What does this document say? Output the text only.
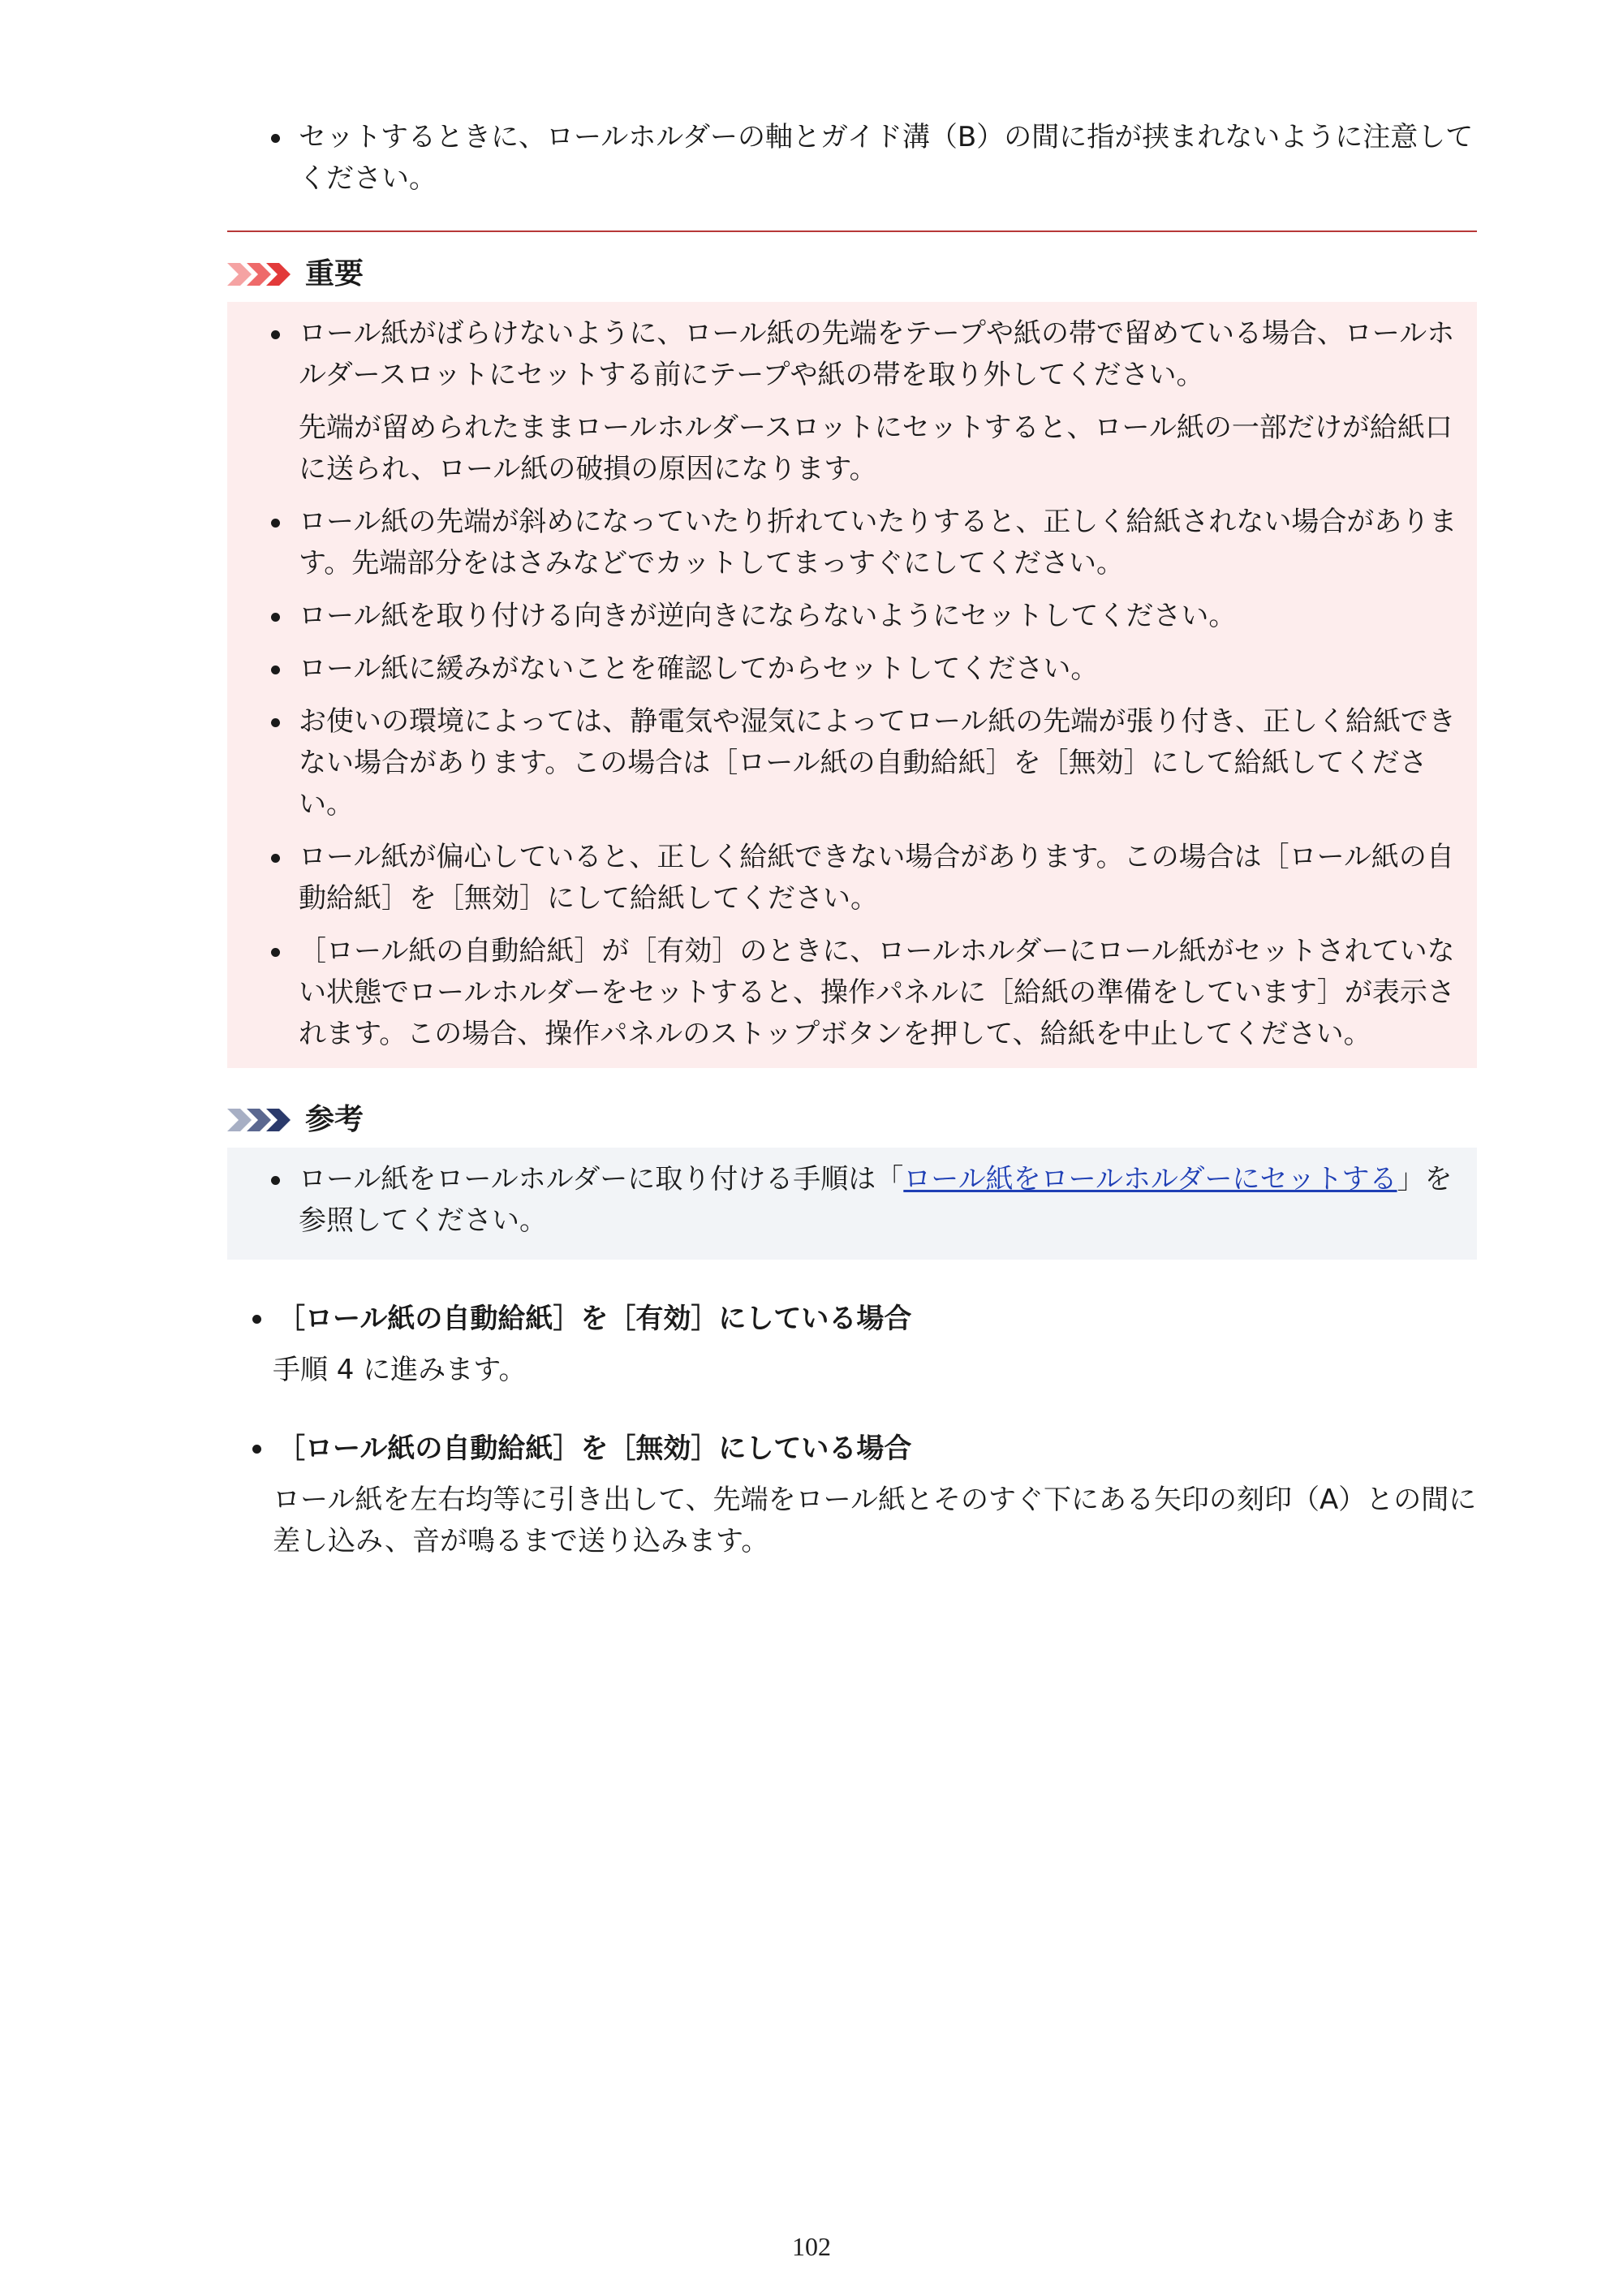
セットするときに、ロールホルダーの軸とガイド溝（B）の間に指が挟まれないように注意してください。
重要
ロール紙がばらけないように、ロール紙の先端をテープや紙の帯で留めている場合、ロールホルダースロットにセットする前にテープや紙の帯を取り外してください。
先端が留められたままロールホルダースロットにセットすると、ロール紙の一部だけが給紙口に送られ、ロール紙の破損の原因になります。
ロール紙の先端が斜めになっていたり折れていたりすると、正しく給紙されない場合があります。先端部分をはさみなどでカットしてまっすぐにしてください。
ロール紙を取り付ける向きが逆向きにならないようにセットしてください。
ロール紙に緩みがないことを確認してからセットしてください。
お使いの環境によっては、静電気や湿気によってロール紙の先端が張り付き、正しく給紙できない場合があります。この場合は［ロール紙の自動給紙］を［無効］にして給紙してください。
ロール紙が偏心していると、正しく給紙できない場合があります。この場合は［ロール紙の自動給紙］を［無効］にして給紙してください。
［ロール紙の自動給紙］が［有効］のときに、ロールホルダーにロール紙がセットされていない状態でロールホルダーをセットすると、操作パネルに［給紙の準備をしています］が表示されます。この場合、操作パネルのストップボタンを押して、給紙を中止してください。
参考
ロール紙をロールホルダーに取り付ける手順は「ロール紙をロールホルダーにセットする」を参照してください。
［ロール紙の自動給紙］を［有効］にしている場合
手順 4 に進みます。
［ロール紙の自動給紙］を［無効］にしている場合
ロール紙を左右均等に引き出して、先端をロール紙とそのすぐ下にある矢印の刻印（A）との間に差し込み、音が鳴るまで送り込みます。
102
